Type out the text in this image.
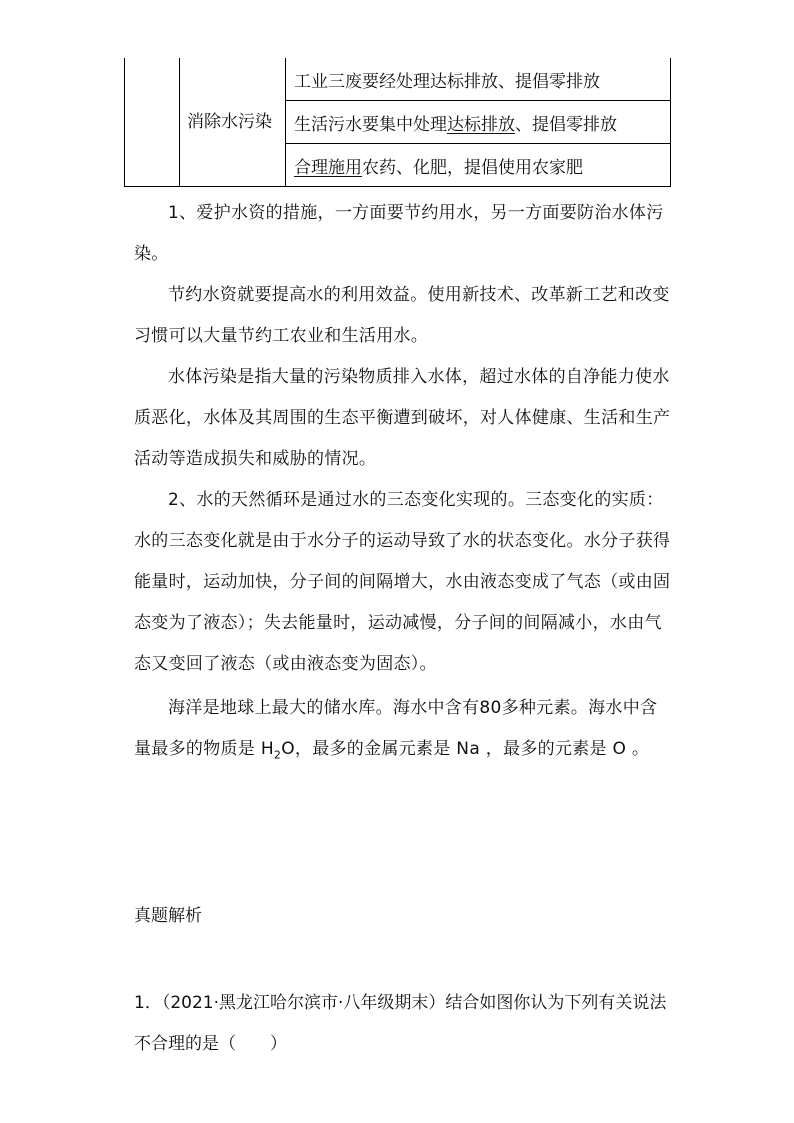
	消除水污染	工业三废要经处理达标排放、提倡零排放
生活污水要集中处理达标排放、提倡零排放
合理施用农药、化肥，提倡使用农家肥

1、爱护水资的措施，一方面要节约用水，另一方面要防治水体污染。

节约水资就要提高水的利用效益。使用新技术、改革新工艺和改变习惯可以大量节约工农业和生活用水。

水体污染是指大量的污染物质排入水体，超过水体的自净能力使水质恶化，水体及其周围的生态平衡遭到破坏，对人体健康、生活和生产活动等造成损失和威胁的情况。

2、水的天然循环是通过水的三态变化实现的。三态变化的实质：水的三态变化就是由于水分子的运动导致了水的状态变化。水分子获得能量时，运动加快，分子间的间隔增大，水由液态变成了气态（或由固态变为了液态）；失去能量时，运动减慢，分子间的间隔减小，水由气态又变回了液态（或由液态变为固态）。

海洋是地球上最大的储水库。海水中含有80多种元素。海水中含量最多的物质是 $H_2O$，最多的金属元素是 Na ，最多的元素是 O 。

真题解析

1．（2021·黑龙江哈尔滨市·八年级期末）结合如图你认为下列有关说法不合理的是（　　）
